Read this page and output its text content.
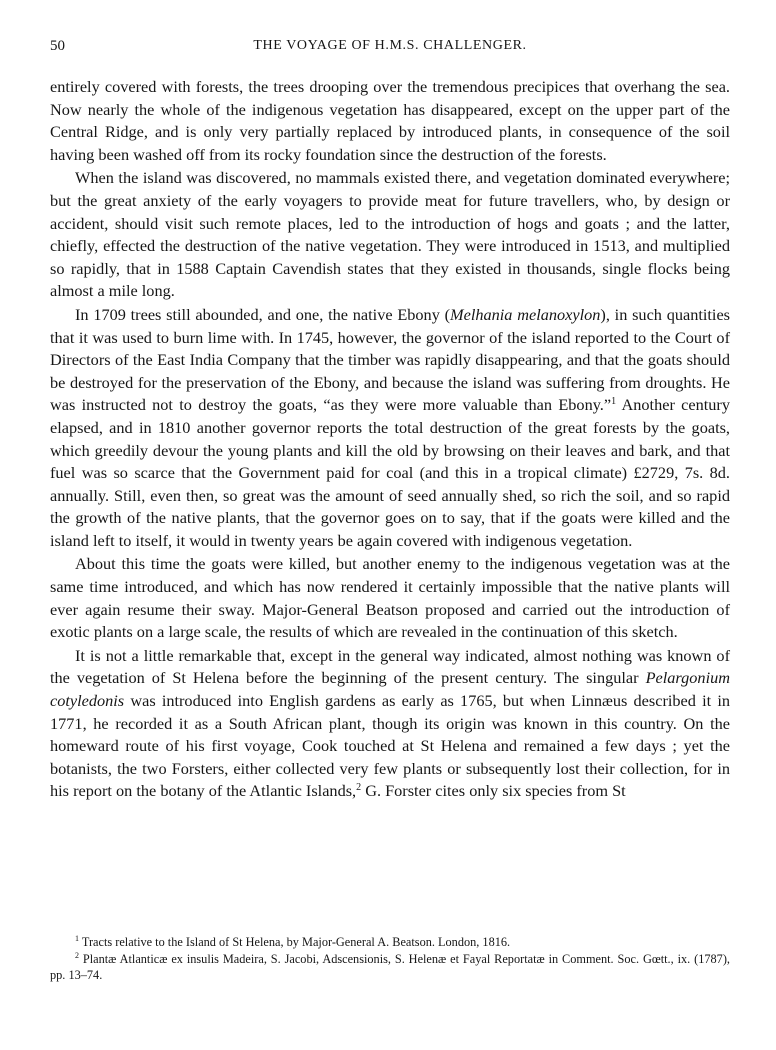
50	THE VOYAGE OF H.M.S. CHALLENGER.

entirely covered with forests, the trees drooping over the tremendous precipices that overhang the sea. Now nearly the whole of the indigenous vegetation has disappeared, except on the upper part of the Central Ridge, and is only very partially replaced by introduced plants, in consequence of the soil having been washed off from its rocky foundation since the destruction of the forests.

When the island was discovered, no mammals existed there, and vegetation dominated everywhere; but the great anxiety of the early voyagers to provide meat for future travellers, who, by design or accident, should visit such remote places, led to the introduction of hogs and goats ; and the latter, chiefly, effected the destruction of the native vegetation. They were introduced in 1513, and multiplied so rapidly, that in 1588 Captain Cavendish states that they existed in thousands, single flocks being almost a mile long.

In 1709 trees still abounded, and one, the native Ebony (Melhania melanoxylon), in such quantities that it was used to burn lime with. In 1745, however, the governor of the island reported to the Court of Directors of the East India Company that the timber was rapidly disappearing, and that the goats should be destroyed for the preservation of the Ebony, and because the island was suffering from droughts. He was instructed not to destroy the goats, “as they were more valuable than Ebony.”$^1$ Another century elapsed, and in 1810 another governor reports the total destruction of the great forests by the goats, which greedily devour the young plants and kill the old by browsing on their leaves and bark, and that fuel was so scarce that the Government paid for coal (and this in a tropical climate) £2729, 7s. 8d. annually. Still, even then, so great was the amount of seed annually shed, so rich the soil, and so rapid the growth of the native plants, that the governor goes on to say, that if the goats were killed and the island left to itself, it would in twenty years be again covered with indigenous vegetation.

About this time the goats were killed, but another enemy to the indigenous vegetation was at the same time introduced, and which has now rendered it certainly impossible that the native plants will ever again resume their sway. Major-General Beatson proposed and carried out the introduction of exotic plants on a large scale, the results of which are revealed in the continuation of this sketch.

It is not a little remarkable that, except in the general way indicated, almost nothing was known of the vegetation of St Helena before the beginning of the present century. The singular Pelargonium cotyledonis was introduced into English gardens as early as 1765, but when Linnæus described it in 1771, he recorded it as a South African plant, though its origin was known in this country. On the homeward route of his first voyage, Cook touched at St Helena and remained a few days ; yet the botanists, the two Forsters, either collected very few plants or subsequently lost their collection, for in his report on the botany of the Atlantic Islands,$^2$ G. Forster cites only six species from St

$^1$ Tracts relative to the Island of St Helena, by Major-General A. Beatson. London, 1816.

$^2$ Plantæ Atlanticæ ex insulis Madeira, S. Jacobi, Adscensionis, S. Helenæ et Fayal Reportatæ in Comment. Soc. Gœtt., ix. (1787), pp. 13–74.
